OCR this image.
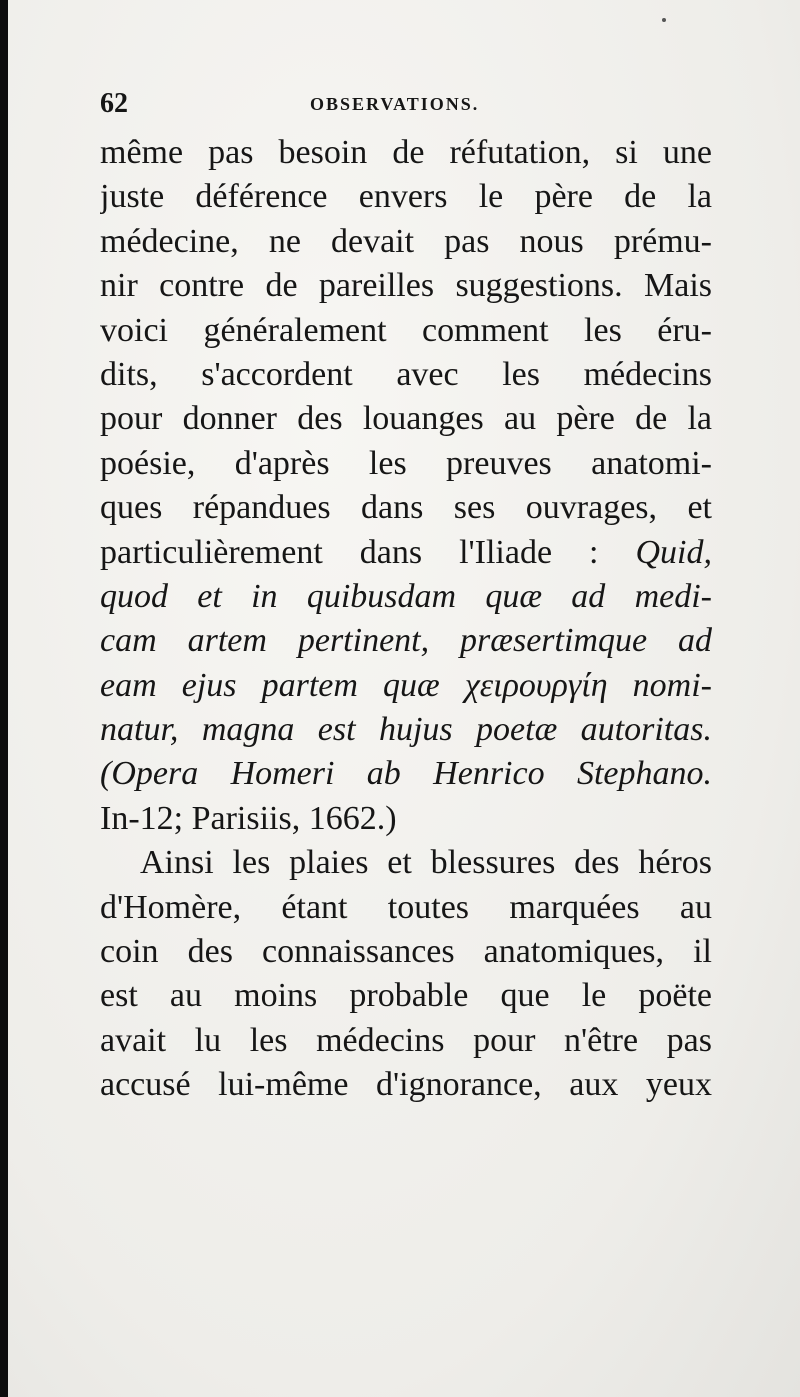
62	OBSERVATIONS.
même pas besoin de réfutation, si une
juste déférence envers le père de la
médecine, ne devait pas nous prému-
nir contre de pareilles suggestions. Mais
voici généralement comment les éru-
dits, s'accordent avec les médecins
pour donner des louanges au père de la
poésie, d'après les preuves anatomi-
ques répandues dans ses ouvrages, et
particulièrement dans l'Iliade : Quid,
quod et in quibusdam quæ ad medi-
cam artem pertinent, præsertimque ad
eam ejus partem quæ χειρουργίη nomi-
natur, magna est hujus poetæ autoritas.
(Opera Homeri ab Henrico Stephano.
In-12; Parisiis, 1662.)
Ainsi les plaies et blessures des héros
d'Homère, étant toutes marquées au
coin des connaissances anatomiques, il
est au moins probable que le poëte
avait lu les médecins pour n'être pas
accusé lui-même d'ignorance, aux yeux
